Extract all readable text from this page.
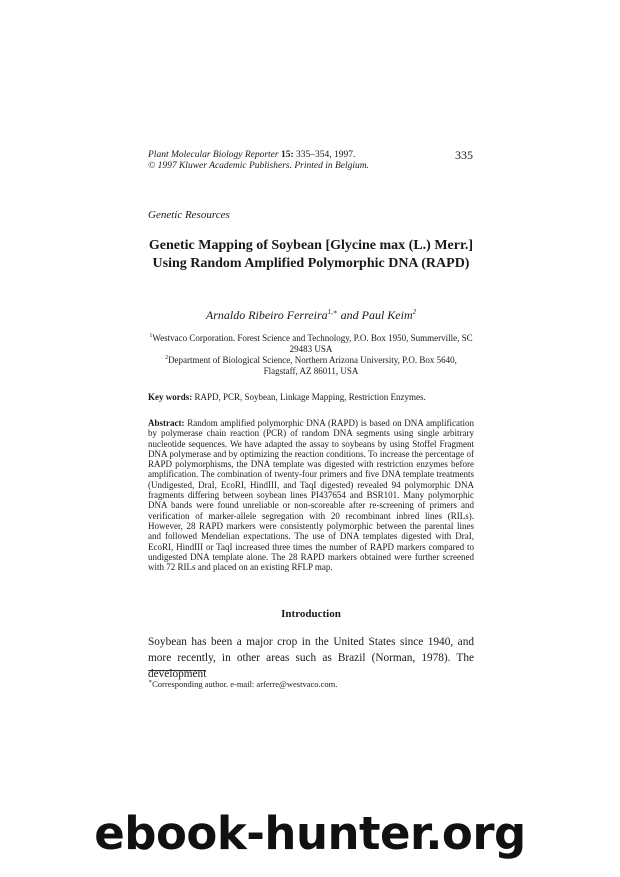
Plant Molecular Biology Reporter 15: 335–354, 1997.
© 1997 Kluwer Academic Publishers. Printed in Belgium.
335
Genetic Resources
Genetic Mapping of Soybean [Glycine max (L.) Merr.] Using Random Amplified Polymorphic DNA (RAPD)
Arnaldo Ribeiro Ferreira$^{1,∗}$ and Paul Keim$^2$
$^1$Westvaco Corporation. Forest Science and Technology, P.O. Box 1950, Summerville, SC 29483 USA
$^2$Department of Biological Science, Northern Arizona University, P.O. Box 5640, Flagstaff, AZ 86011, USA
Key words: RAPD, PCR, Soybean, Linkage Mapping, Restriction Enzymes.
Abstract: Random amplified polymorphic DNA (RAPD) is based on DNA amplification by polymerase chain reaction (PCR) of random DNA segments using single arbitrary nucleotide sequences. We have adapted the assay to soybeans by using Stoffel Fragment DNA polymerase and by optimizing the reaction conditions. To increase the percentage of RAPD polymorphisms, the DNA template was digested with restriction enzymes before amplification. The combination of twenty-four primers and five DNA template treatments (Undigested, DraI, EcoRI, HindIII, and TaqI digested) revealed 94 polymorphic DNA fragments differing between soybean lines PI437654 and BSR101. Many polymorphic DNA bands were found unreliable or non-scoreable after re-screening of primers and verification of marker-allele segregation with 20 recombinant inbred lines (RILs). However, 28 RAPD markers were consistently polymorphic between the parental lines and followed Mendelian expectations. The use of DNA templates digested with DraI, EcoRI, HindIII or TaqI increased three times the number of RAPD markers compared to undigested DNA template alone. The 28 RAPD markers obtained were further screened with 72 RILs and placed on an existing RFLP map.
Introduction
Soybean has been a major crop in the United States since 1940, and more recently, in other areas such as Brazil (Norman, 1978). The development
∗Corresponding author. e-mail: arferre@westvaco.com.
ebook-hunter.org
